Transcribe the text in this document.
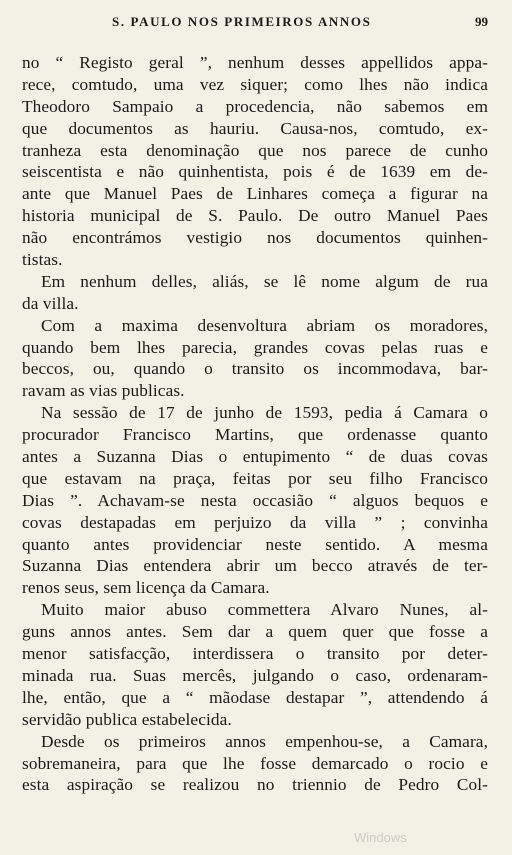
S. PAULO NOS PRIMEIROS ANNOS	99
no “ Registo geral ”, nenhum desses appellidos appa-
rece, comtudo, uma vez siquer; como lhes não indica
Theodoro Sampaio a procedencia, não sabemos em
que documentos as hauriu. Causa-nos, comtudo, ex-
tranheza esta denominação que nos parece de cunho
seiscentista e não quinhentista, pois é de 1639 em de-
ante que Manuel Paes de Linhares começa a figurar na
historia municipal de S. Paulo. De outro Manuel Paes
não encontrámos vestigio nos documentos quinhen-
tistas.
Em nenhum delles, aliás, se lê nome algum de rua
da villa.
Com a maxima desenvoltura abriam os moradores,
quando bem lhes parecia, grandes covas pelas ruas e
beccos, ou, quando o transito os incommodava, bar-
ravam as vias publicas.
Na sessão de 17 de junho de 1593, pedia á Camara o
procurador Francisco Martins, que ordenasse quanto
antes a Suzanna Dias o entupimento “ de duas covas
que estavam na praça, feitas por seu filho Francisco
Dias ”. Achavam-se nesta occasião “ alguos bequos e
covas destapadas em perjuizo da villa ” ; convinha
quanto antes providenciar neste sentido. A mesma
Suzanna Dias entendera abrir um becco através de ter-
renos seus, sem licença da Camara.
Muito maior abuso commettera Alvaro Nunes, al-
guns annos antes. Sem dar a quem quer que fosse a
menor satisfacção, interdissera o transito por deter-
minada rua. Suas mercês, julgando o caso, ordenaram-
lhe, então, que a “ mãodase destapar ”, attendendo á
servidão publica estabelecida.
Desde os primeiros annos empenhou-se, a Camara,
sobremaneira, para que lhe fosse demarcado o rocio e
esta aspiração se realizou no triennio de Pedro Col-
Windows
